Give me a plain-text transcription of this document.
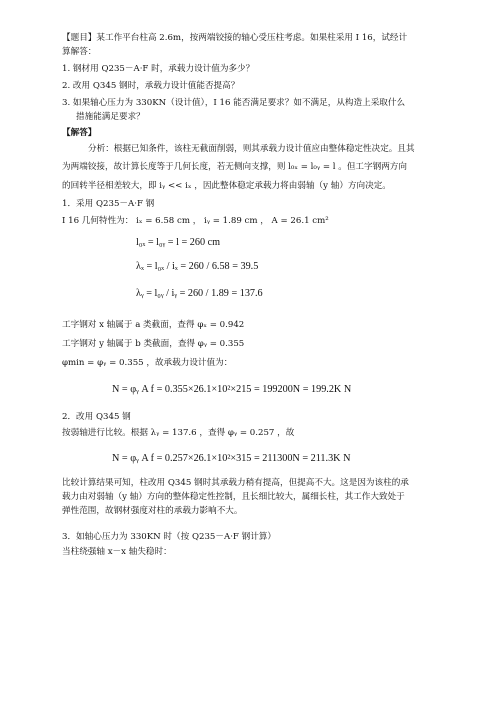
【题目】某工作平台柱高 2.6m，按两端铰接的轴心受压柱考虑。如果柱采用 I 16，试经计
算解答：
1. 钢材用 Q235－A·F 时，承载力设计值为多少？
2. 改用 Q345 钢时，承载力设计值能否提高？
3. 如果轴心压力为 330KN（设计值），I 16 能否满足要求？如不满足，从构造上采取什么
措施能满足要求？
【解答】
分析：根据已知条件，该柱无截面削弱，则其承载力设计值应由整体稳定性决定。且其
为两端铰接，故计算长度等于几何长度，若无侧向支撑，则 l₀ₓ = l₀ᵧ = l 。但工字钢两方向
的回转半径相差较大，即 iᵧ << iₓ ，因此整体稳定承载力将由弱轴（y 轴）方向决定。
1．采用 Q235－A·F 钢
I 16 几何特性为： iₓ = 6.58 cm ， iᵧ = 1.89 cm ， A = 26.1 cm²
l₀ₓ = l₀ᵧ = l = 260 cm
λₓ = l₀ₓ / iₓ = 260 / 6.58 = 39.5
λᵧ = l₀ᵧ / iᵧ = 260 / 1.89 = 137.6
工字钢对 x 轴属于 a 类截面，查得 φₓ = 0.942
工字钢对 y 轴属于 b 类截面，查得 φᵧ = 0.355
φmin = φᵧ = 0.355 ，故承载力设计值为：
N = φᵧ A f = 0.355×26.1×10²×215 = 199200N = 199.2K N
2．改用 Q345 钢
按弱轴进行比较。根据 λᵧ = 137.6 ，查得 φᵧ = 0.257 ，故
N = φᵧ A f = 0.257×26.1×10²×315 = 211300N = 211.3K N
比较计算结果可知，柱改用 Q345 钢时其承载力稍有提高，但提高不大。这是因为该柱的承
载力由对弱轴（y 轴）方向的整体稳定性控制，且长细比较大，属细长柱，其工作大致处于
弹性范围，故钢材强度对柱的承载力影响不大。
3．如轴心压力为 330KN 时（按 Q235－A·F 钢计算）
当柱绕强轴 x－x 轴失稳时：
